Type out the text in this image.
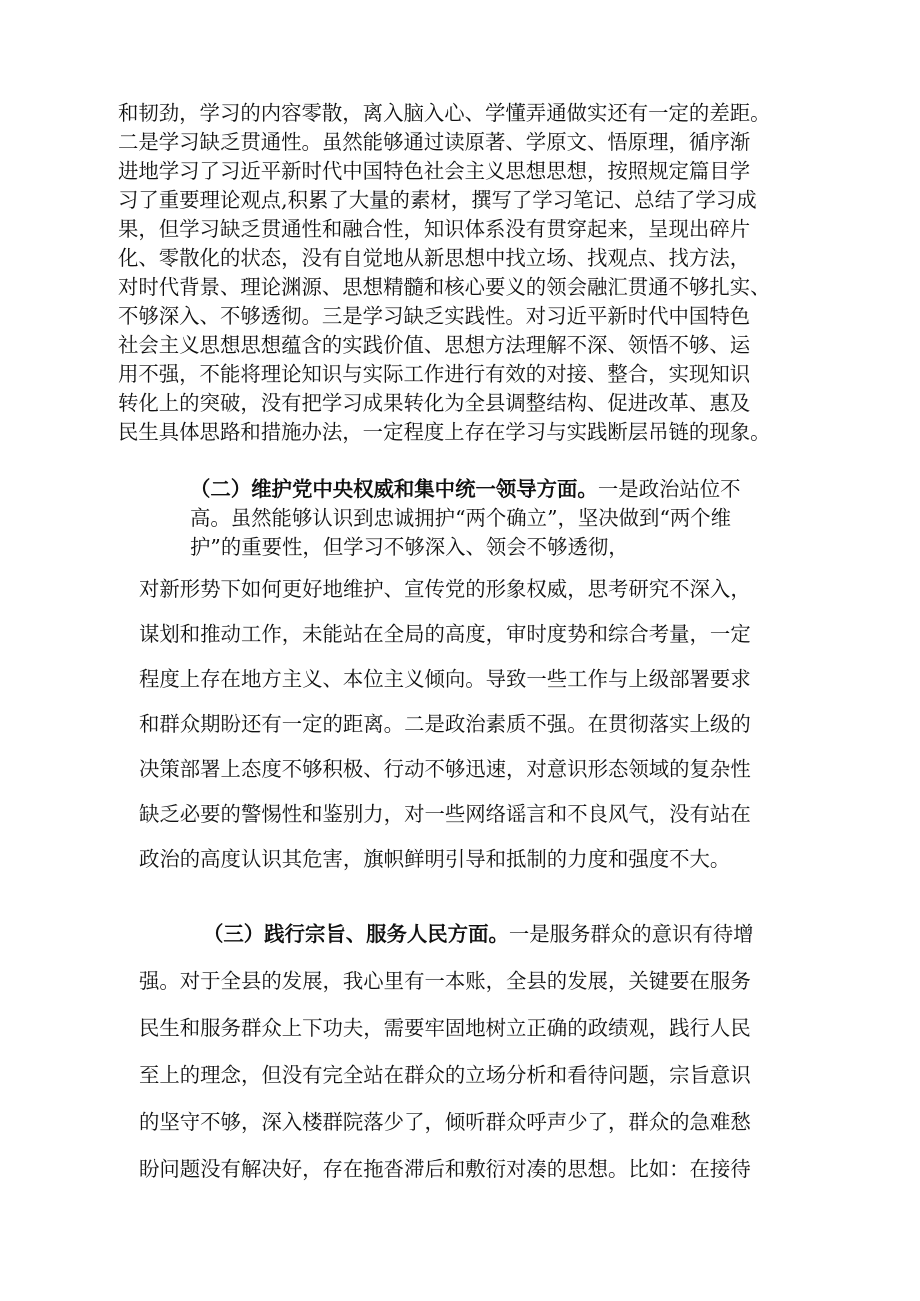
和韧劲，学习的内容零散，离入脑入心、学懂弄通做实还有一定的差距。
二是学习缺乏贯通性。虽然能够通过读原著、学原文、悟原理，循序渐
进地学习了习近平新时代中国特色社会主义思想思想，按照规定篇目学
习了重要理论观点,积累了大量的素材，撰写了学习笔记、总结了学习成
果，但学习缺乏贯通性和融合性，知识体系没有贯穿起来，呈现出碎片
化、零散化的状态，没有自觉地从新思想中找立场、找观点、找方法，
对时代背景、理论渊源、思想精髓和核心要义的领会融汇贯通不够扎实、
不够深入、不够透彻。三是学习缺乏实践性。对习近平新时代中国特色
社会主义思想思想蕴含的实践价值、思想方法理解不深、领悟不够、运
用不强，不能将理论知识与实际工作进行有效的对接、整合，实现知识
转化上的突破，没有把学习成果转化为全县调整结构、促进改革、惠及
民生具体思路和措施办法，一定程度上存在学习与实践断层吊链的现象。
（二）维护党中央权威和集中统一领导方面。一是政治站位不
高。虽然能够认识到忠诚拥护“两个确立”，坚决做到“两个维
护”的重要性，但学习不够深入、领会不够透彻，
对新形势下如何更好地维护、宣传党的形象权威，思考研究不深入，
谋划和推动工作，未能站在全局的高度，审时度势和综合考量，一定
程度上存在地方主义、本位主义倾向。导致一些工作与上级部署要求
和群众期盼还有一定的距离。二是政治素质不强。在贯彻落实上级的
决策部署上态度不够积极、行动不够迅速，对意识形态领域的复杂性
缺乏必要的警惕性和鉴别力，对一些网络谣言和不良风气，没有站在
政治的高度认识其危害，旗帜鲜明引导和抵制的力度和强度不大。
（三）践行宗旨、服务人民方面。一是服务群众的意识有待增
强。对于全县的发展，我心里有一本账，全县的发展，关键要在服务
民生和服务群众上下功夫，需要牢固地树立正确的政绩观，践行人民
至上的理念，但没有完全站在群众的立场分析和看待问题，宗旨意识
的坚守不够，深入楼群院落少了，倾听群众呼声少了，群众的急难愁
盼问题没有解决好，存在拖沓滞后和敷衍对凑的思想。比如：在接待
